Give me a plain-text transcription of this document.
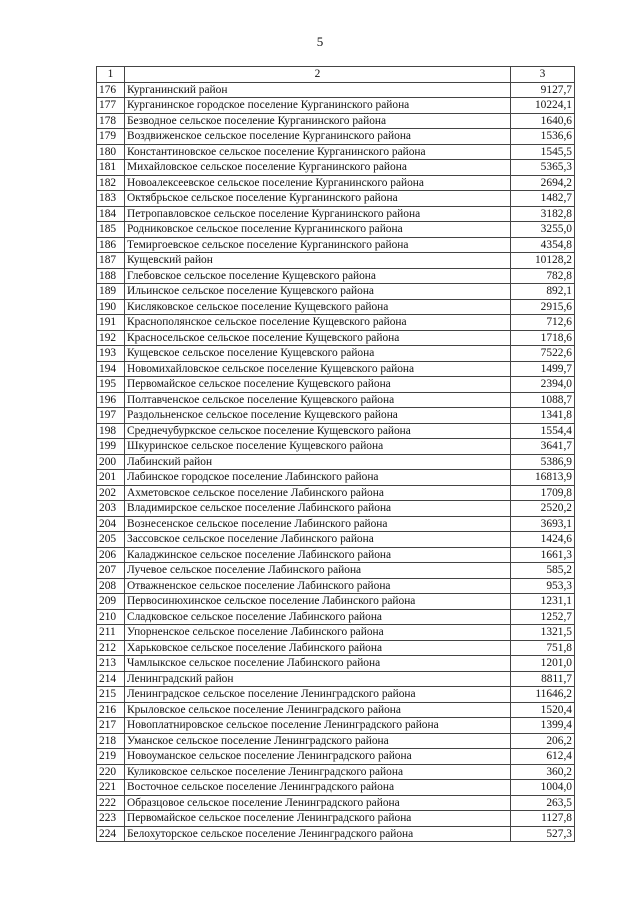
5
1	2	3
176	Курганинский район	9127,7
177	Курганинское городское поселение Курганинского района	10224,1
178	Безводное сельское поселение Курганинского района	1640,6
179	Воздвиженское сельское поселение Курганинского района	1536,6
180	Константиновское сельское поселение Курганинского района	1545,5
181	Михайловское сельское поселение Курганинского района	5365,3
182	Новоалексеевское сельское поселение Курганинского района	2694,2
183	Октябрьское сельское поселение Курганинского района	1482,7
184	Петропавловское сельское поселение Курганинского района	3182,8
185	Родниковское сельское поселение Курганинского района	3255,0
186	Темиргоевское сельское поселение Курганинского района	4354,8
187	Кущевский район	10128,2
188	Глебовское сельское поселение Кущевского района	782,8
189	Ильинское сельское поселение Кущевского района	892,1
190	Кисляковское сельское поселение Кущевского района	2915,6
191	Краснополянское сельское поселение Кущевского района	712,6
192	Красносельское сельское поселение Кущевского района	1718,6
193	Кущевское сельское поселение Кущевского района	7522,6
194	Новомихайловское сельское поселение Кущевского района	1499,7
195	Первомайское сельское поселение Кущевского района	2394,0
196	Полтавченское сельское поселение Кущевского района	1088,7
197	Раздольненское сельское поселение Кущевского района	1341,8
198	Среднечубуркское сельское поселение Кущевского района	1554,4
199	Шкуринское сельское поселение Кущевского района	3641,7
200	Лабинский район	5386,9
201	Лабинское городское поселение Лабинского района	16813,9
202	Ахметовское сельское поселение Лабинского района	1709,8
203	Владимирское сельское поселение Лабинского района	2520,2
204	Вознесенское сельское поселение Лабинского района	3693,1
205	Зассовское сельское поселение Лабинского района	1424,6
206	Каладжинское сельское поселение Лабинского района	1661,3
207	Лучевое сельское поселение Лабинского района	585,2
208	Отважненское сельское поселение Лабинского района	953,3
209	Первосинюхинское сельское поселение Лабинского района	1231,1
210	Сладковское сельское поселение Лабинского района	1252,7
211	Упорненское сельское поселение Лабинского района	1321,5
212	Харьковское сельское поселение Лабинского района	751,8
213	Чамлыкское сельское поселение Лабинского района	1201,0
214	Ленинградский район	8811,7
215	Ленинградское сельское поселение Ленинградского района	11646,2
216	Крыловское сельское поселение Ленинградского района	1520,4
217	Новоплатнировское сельское поселение Ленинградского района	1399,4
218	Уманское сельское поселение Ленинградского района	206,2
219	Новоуманское сельское поселение Ленинградского района	612,4
220	Куликовское сельское поселение Ленинградского района	360,2
221	Восточное сельское поселение Ленинградского района	1004,0
222	Образцовое сельское поселение Ленинградского района	263,5
223	Первомайское сельское поселение Ленинградского района	1127,8
224	Белохуторское сельское поселение Ленинградского района	527,3
